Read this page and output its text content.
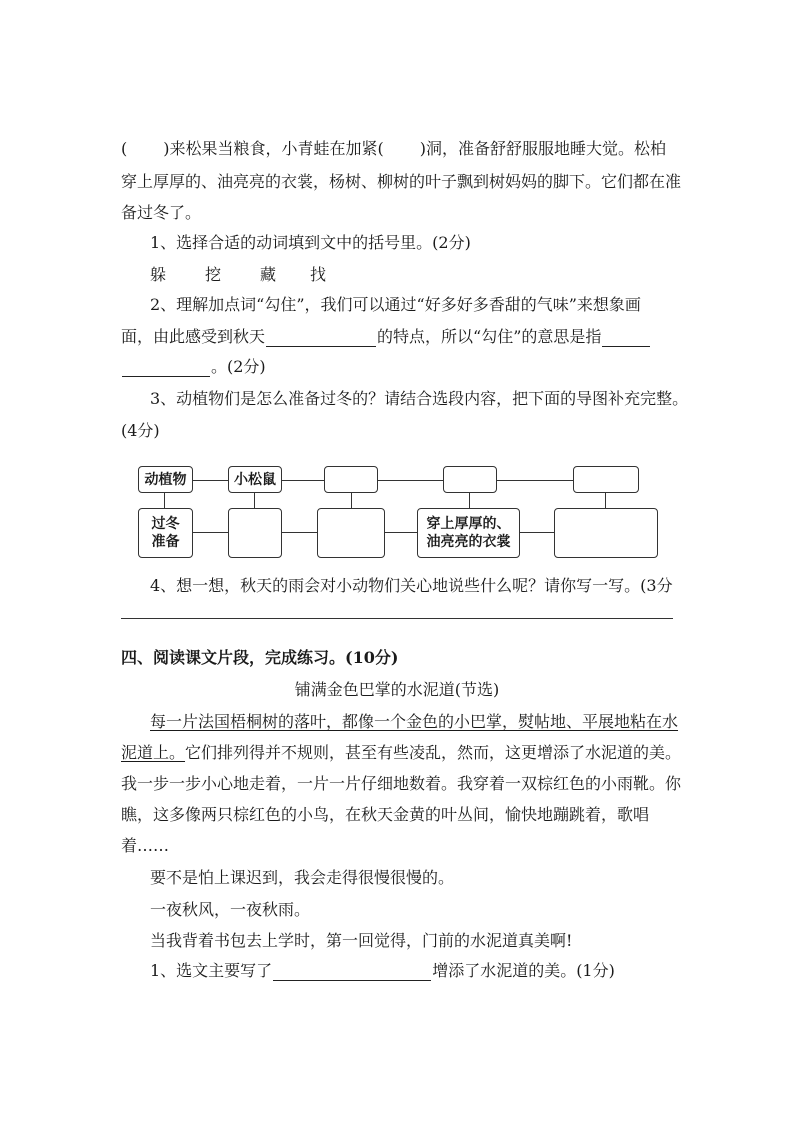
( )来松果当粮食，小青蛙在加紧( )洞，准备舒舒服服地睡大觉。松柏
穿上厚厚的、油亮亮的衣裳，杨树、柳树的叶子飘到树妈妈的脚下。它们都在准
备过冬了。
1、选择合适的动词填到文中的括号里。(2分)
躲 挖 藏 找
2、理解加点词“勾住”，我们可以通过“好多好多香甜的气味”来想象画
面，由此感受到秋天	的特点，所以“勾住”的意思是指
。(2分)
3、动植物们是怎么准备过冬的？请结合选段内容，把下面的导图补充完整。
(4分)
动植物	小松鼠
过冬
准备
穿上厚厚的、
油亮亮的衣裳
4、想一想，秋天的雨会对小动物们关心地说些什么呢？请你写一写。(3分
四、阅读课文片段，完成练习。(10分)
铺满金色巴掌的水泥道(节选)
每一片法国梧桐树的落叶，都像一个金色的小巴掌，熨帖地、平展地粘在水
泥道上。它们排列得并不规则，甚至有些凌乱，然而，这更增添了水泥道的美。
我一步一步小心地走着，一片一片仔细地数着。我穿着一双棕红色的小雨靴。你
瞧，这多像两只棕红色的小鸟，在秋天金黄的叶丛间，愉快地蹦跳着，歌唱
着……
要不是怕上课迟到，我会走得很慢很慢的。
一夜秋风，一夜秋雨。
当我背着书包去上学时，第一回觉得，门前的水泥道真美啊!
1、选文主要写了	增添了水泥道的美。(1分)
